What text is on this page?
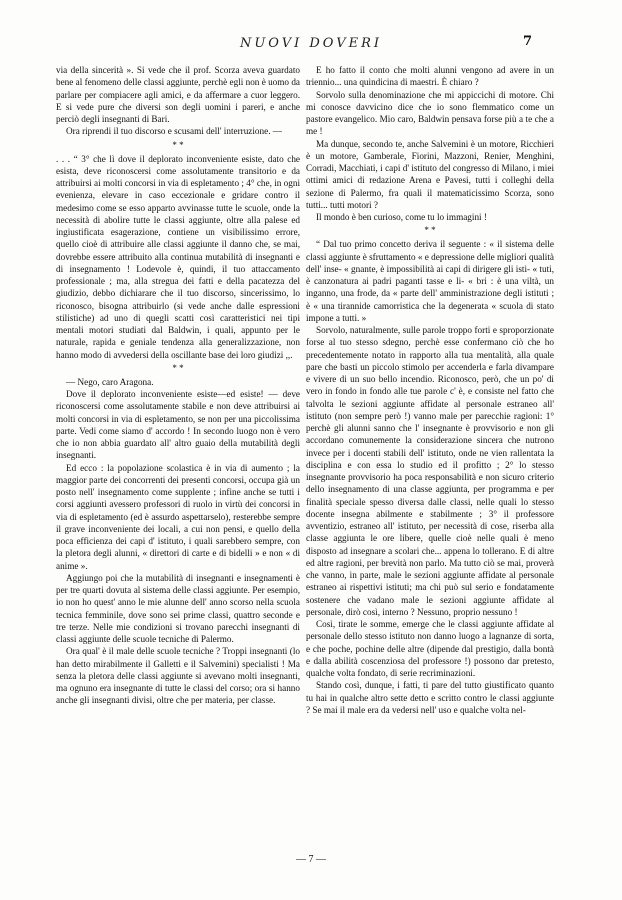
NUOVI DOVERI	7

via della sincerità ». Si vede che il prof. Scorza aveva guardato bene al fenomeno delle classi aggiunte, perchè egli non è uomo da parlare per compiacere agli amici, e da affermare a cuor leggero. E si vede pure che diversi son degli uomini i pareri, e anche perciò degli insegnanti di Bari.

Ora riprendi il tuo discorso e scusami dell' interruzione. —

* *

. . . “ 3° che lì dove il deplorato inconveniente esiste, dato che esista, deve riconoscersi come assolutamente transitorio e da attribuirsi ai molti concorsi in via di espletamento ; 4° che, in ogni evenienza, elevare in caso eccezionale e gridare contro il medesimo come se esso apparto avvinasse tutte le scuole, onde la necessità di abolire tutte le classi aggiunte, oltre alla palese ed ingiustificata esagerazione, contiene un visibilissimo errore, quello cioè di attribuire alle classi aggiunte il danno che, se mai, dovrebbe essere attribuito alla continua mutabilità di insegnanti e di insegnamento ! Lodevole è, quindi, il tuo attaccamento professionale ; ma, alla stregua dei fatti e della pacatezza del giudizio, debbo dichiarare che il tuo discorso, sincerissimo, lo riconosco, bisogna attribuirlo (si vede anche dalle espressioni stilistiche) ad uno di quegli scatti così caratteristici nei tipi mentali motori studiati dal Baldwin, i quali, appunto per le naturale, rapida e geniale tendenza alla generalizzazione, non hanno modo di avvedersi della oscillante base dei loro giudizi ,,.

* *

— Nego, caro Aragona.

Dove il deplorato inconveniente esiste—ed esiste! — deve riconoscersi come assolutamente stabile e non deve attribuirsi ai molti concorsi in via di espletamento, se non per una piccolissima parte. Vedi come siamo d' accordo ! In secondo luogo non è vero che io non abbia guardato all' altro guaio della mutabilità degli insegnanti.

Ed ecco : la popolazione scolastica è in via di aumento ; la maggior parte dei concorrenti dei presenti concorsi, occupa già un posto nell' insegnamento come supplente ; infine anche se tutti i corsi aggiunti avessero professori di ruolo in virtù dei concorsi in via di espletamento (ed è assurdo aspettarselo), resterebbe sempre il grave inconveniente dei locali, a cui non pensi, e quello della poca efficienza dei capi d' istituto, i quali sarebbero sempre, con la pletora degli alunni, « direttori di carte e di bidelli » e non « di anime ».

Aggiungo poi che la mutabilità di insegnanti e insegnamenti è per tre quarti dovuta al sistema delle classi aggiunte. Per esempio, io non ho quest' anno le mie alunne dell' anno scorso nella scuola tecnica femminile, dove sono sei prime classi, quattro seconde e tre terze. Nelle mie condizioni si trovano parecchi insegnanti di classi aggiunte delle scuole tecniche di Palermo.

Ora qual' è il male delle scuole tecniche ? Troppi insegnanti (lo han detto mirabilmente il Galletti e il Salvemini) specialisti ! Ma senza la pletora delle classi aggiunte si avevano molti insegnanti, ma ognuno era insegnante di tutte le classi del corso; ora si hanno anche gli insegnanti divisi, oltre che per materia, per classe.

E ho fatto il conto che molti alunni vengono ad avere in un triennio... una quindicina di maestri. È chiaro ?

Sorvolo sulla denominazione che mi appiccichi di motore. Chi mi conosce davvicino dice che io sono flemmatico come un pastore evangelico. Mio caro, Baldwin pensava forse più a te che a me !

Ma dunque, secondo te, anche Salvemini è un motore, Ricchieri è un motore, Gamberale, Fiorini, Mazzoni, Renier, Menghini, Corradi, Macchiati, i capi d' istituto del congresso di Milano, i miei ottimi amici di redazione Arena e Pavesi, tutti i colleghi della sezione di Palermo, fra quali il matematicissimo Scorza, sono tutti... tutti motori ?

Il mondo è ben curioso, come tu lo immagini !

* *

“ Dal tuo primo concetto deriva il seguente : « il sistema delle classi aggiunte è sfruttamento « e depressione delle migliori qualità dell' inse- « gnante, è impossibilità ai capi di dirigere gli isti- « tuti, è canzonatura ai padri paganti tasse e li- « bri : è una viltà, un inganno, una frode, da « parte dell' amministrazione degli istituti ; è « una tirannide camorristica che la degenerata « scuola di stato impone a tutti. »

Sorvolo, naturalmente, sulle parole troppo forti e sproporzionate forse al tuo stesso sdegno, perchè esse confermano ciò che ho precedentemente notato in rapporto alla tua mentalità, alla quale pare che basti un piccolo stimolo per accenderla e farla divampare e vivere di un suo bello incendio. Riconosco, però, che un po' di vero in fondo in fondo alle tue parole c' è, e consiste nel fatto che talvolta le sezioni aggiunte affidate al personale estraneo all' istituto (non sempre però !) vanno male per parecchie ragioni: 1° perchè gli alunni sanno che l' insegnante è provvisorio e non gli accordano comunemente la considerazione sincera che nutrono invece per i docenti stabili dell' istituto, onde ne vien rallentata la disciplina e con essa lo studio ed il profitto ; 2° lo stesso insegnante provvisorio ha poca responsabilità e non sicuro criterio dello insegnamento di una classe aggiunta, per programma e per finalità speciale spesso diversa dalle classi, nelle quali lo stesso docente insegna abilmente e stabilmente ; 3° il professore avventizio, estraneo all' istituto, per necessità di cose, riserba alla classe aggiunta le ore libere, quelle cioè nelle quali è meno disposto ad insegnare a scolari che... appena lo tollerano. E di altre ed altre ragioni, per brevità non parlo. Ma tutto ciò se mai, proverà che vanno, in parte, male le sezioni aggiunte affidate al personale estraneo ai rispettivi istituti; ma chi può sul serio e fondatamente sostenere che vadano male le sezioni aggiunte affidate al personale, dirò così, interno ? Nessuno, proprio nessuno !

Così, tirate le somme, emerge che le classi aggiunte affidate al personale dello stesso istituto non danno luogo a lagnanze di sorta, e che poche, pochine delle altre (dipende dal prestigio, dalla bontà e dalla abilità coscenziosa del professore !) possono dar pretesto, qualche volta fondato, di serie recriminazioni.

Stando così, dunque, i fatti, ti pare del tutto giustificato quanto tu hai in qualche altro sette detto e scritto contro le classi aggiunte ? Se mai il male era da vedersi nell' uso e qualche volta nel-

— 7 —
